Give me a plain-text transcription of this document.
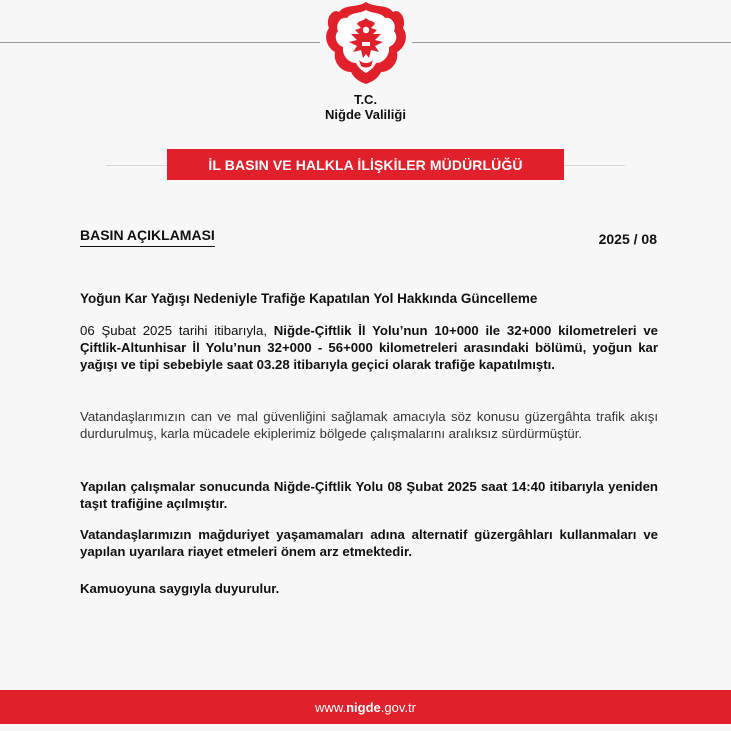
T.C.
Niğde Valiliği
İL BASIN VE HALKLA İLİŞKİLER MÜDÜRLÜĞÜ
BASIN AÇIKLAMASI	2025 / 08
Yoğun Kar Yağışı Nedeniyle Trafiğe Kapatılan Yol Hakkında Güncelleme

06 Şubat 2025 tarihi itibarıyla, Niğde-Çiftlik İl Yolu’nun 10+000 ile 32+000 kilometreleri ve Çiftlik-Altunhisar İl Yolu’nun 32+000 - 56+000 kilometreleri arasındaki bölümü, yoğun kar yağışı ve tipi sebebiyle saat 03.28 itibarıyla geçici olarak trafiğe kapatılmıştı.

Vatandaşlarımızın can ve mal güvenliğini sağlamak amacıyla söz konusu güzergâhta trafik akışı durdurulmuş, karla mücadele ekiplerimiz bölgede çalışmalarını aralıksız sürdürmüştür.
Yapılan çalışmalar sonucunda Niğde-Çiftlik Yolu 08 Şubat 2025 saat 14:40 itibarıyla yeniden taşıt trafiğine açılmıştır.
Vatandaşlarımızın mağduriyet yaşamamaları adına alternatif güzergâhları kullanmaları ve yapılan uyarılara riayet etmeleri önem arz etmektedir.
Kamuoyuna saygıyla duyurulur.
www.nigde.gov.tr
